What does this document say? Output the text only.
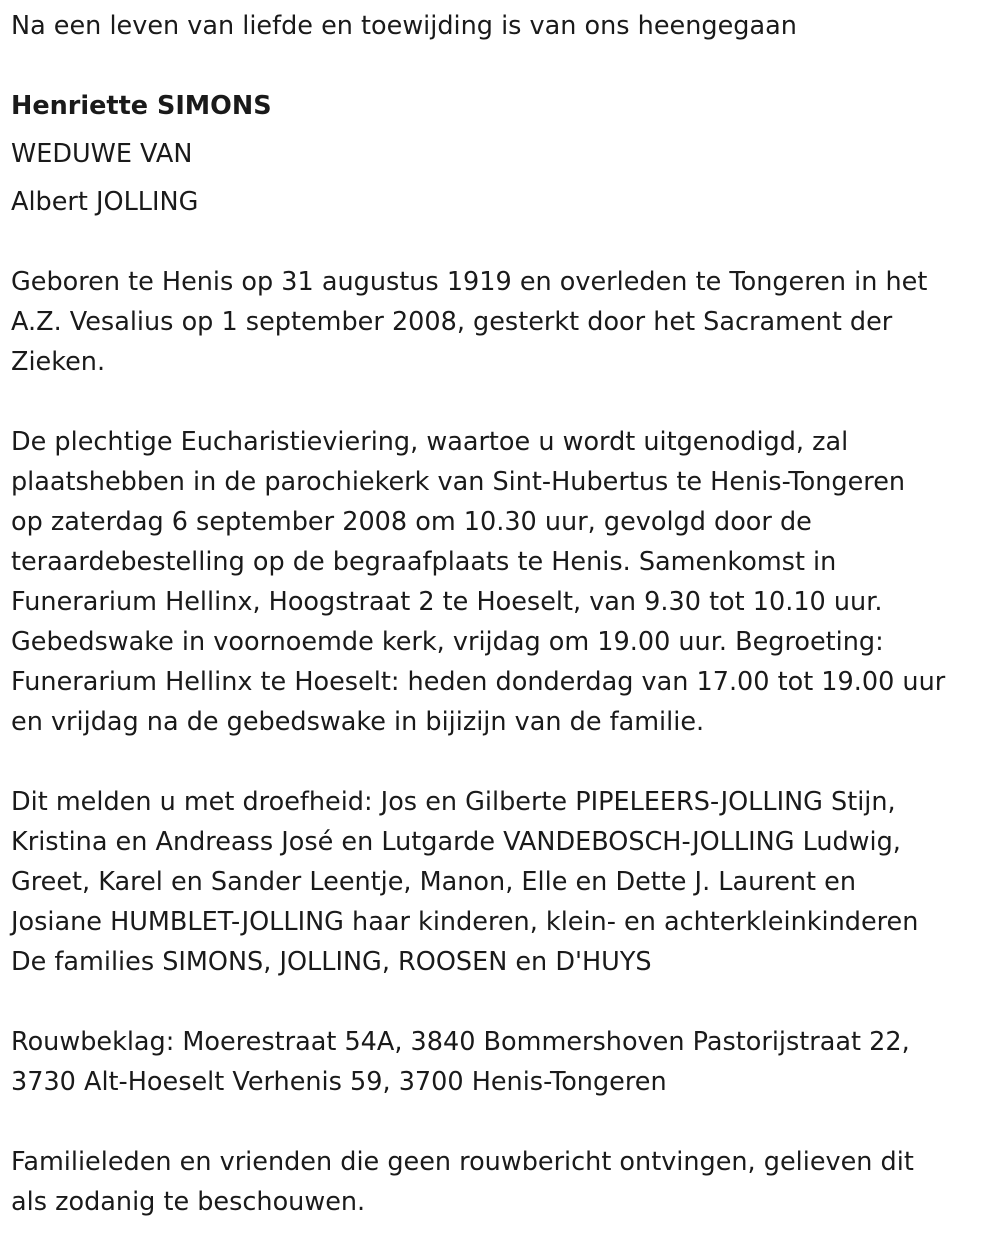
Na een leven van liefde en toewijding is van ons heengegaan
Henriette SIMONS
WEDUWE VAN
Albert JOLLING
Geboren te Henis op 31 augustus 1919 en overleden te Tongeren in het
A.Z. Vesalius op 1 september 2008, gesterkt door het Sacrament der
Zieken.
De plechtige Eucharistieviering, waartoe u wordt uitgenodigd, zal
plaatshebben in de parochiekerk van Sint-Hubertus te Henis-Tongeren
op zaterdag 6 september 2008 om 10.30 uur, gevolgd door de
teraardebestelling op de begraafplaats te Henis. Samenkomst in
Funerarium Hellinx, Hoogstraat 2 te Hoeselt, van 9.30 tot 10.10 uur.
Gebedswake in voornoemde kerk, vrijdag om 19.00 uur. Begroeting:
Funerarium Hellinx te Hoeselt: heden donderdag van 17.00 tot 19.00 uur
en vrijdag na de gebedswake in bijizijn van de familie.
Dit melden u met droefheid: Jos en Gilberte PIPELEERS-JOLLING Stijn,
Kristina en Andreass José en Lutgarde VANDEBOSCH-JOLLING Ludwig,
Greet, Karel en Sander Leentje, Manon, Elle en Dette J. Laurent en
Josiane HUMBLET-JOLLING haar kinderen, klein- en achterkleinkinderen
De families SIMONS, JOLLING, ROOSEN en D'HUYS
Rouwbeklag: Moerestraat 54A, 3840 Bommershoven Pastorijstraat 22,
3730 Alt-Hoeselt Verhenis 59, 3700 Henis-Tongeren
Familieleden en vrienden die geen rouwbericht ontvingen, gelieven dit
als zodanig te beschouwen.
